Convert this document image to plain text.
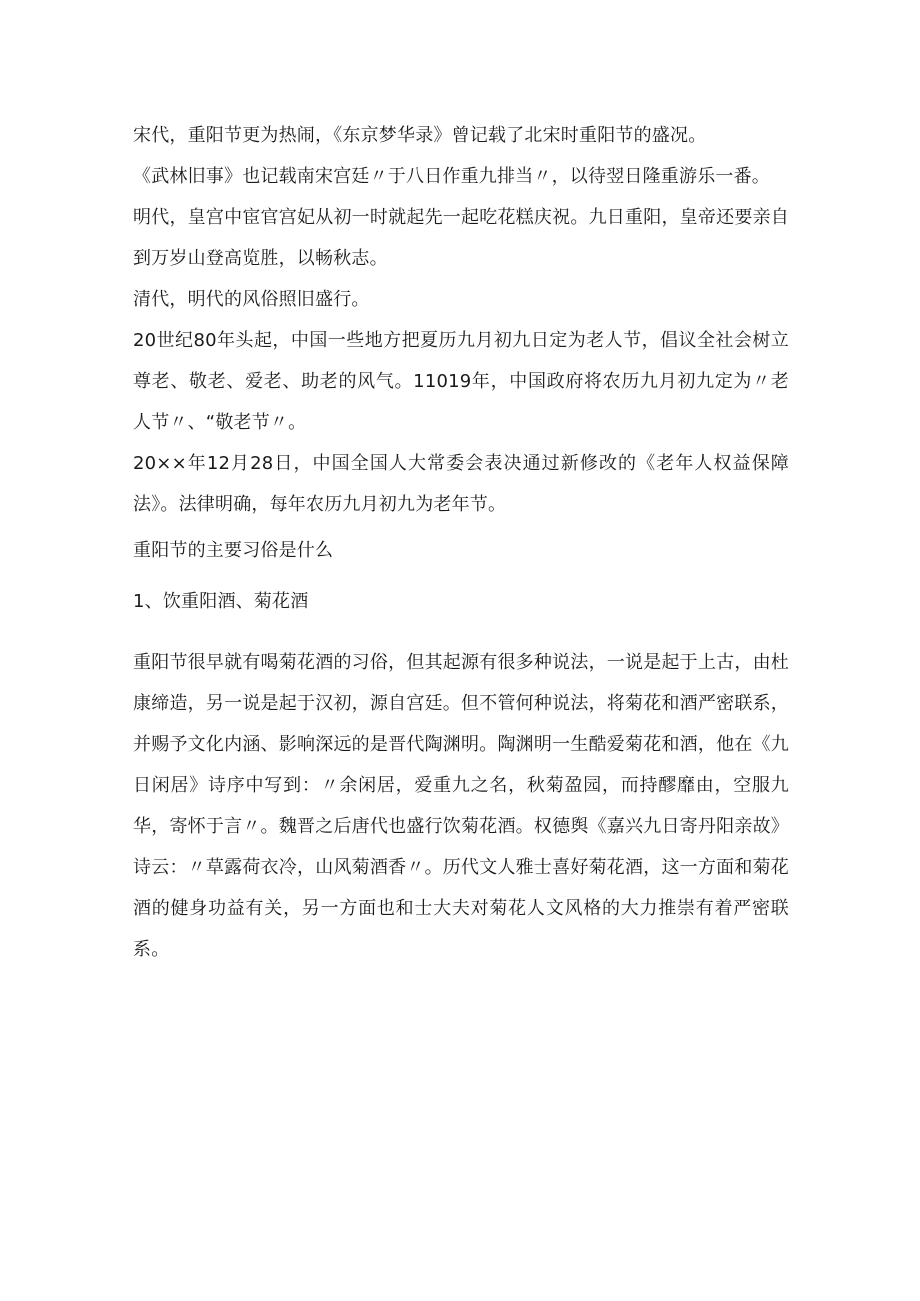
宋代，重阳节更为热闹，《东京梦华录》曾记载了北宋时重阳节的盛况。

《武林旧事》也记载南宋宫廷〃于八日作重九排当〃，以待翌日隆重游乐一番。

明代，皇宫中宦官宫妃从初一时就起先一起吃花糕庆祝。九日重阳，皇帝还要亲自到万岁山登高览胜，以畅秋志。

清代，明代的风俗照旧盛行。

20世纪80年头起，中国一些地方把夏历九月初九日定为老人节，倡议全社会树立尊老、敬老、爱老、助老的风气。11019年，中国政府将农历九月初九定为〃老人节〃、“敬老节〃。

20××年12月28日，中国全国人大常委会表决通过新修改的《老年人权益保障法》。法律明确，每年农历九月初九为老年节。

重阳节的主要习俗是什么

1、饮重阳酒、菊花酒

重阳节很早就有喝菊花酒的习俗，但其起源有很多种说法，一说是起于上古，由杜康缔造，另一说是起于汉初，源自宫廷。但不管何种说法，将菊花和酒严密联系，并赐予文化内涵、影响深远的是晋代陶渊明。陶渊明一生酷爱菊花和酒，他在《九日闲居》诗序中写到：〃余闲居，爱重九之名，秋菊盈园，而持醪靡由，空服九华，寄怀于言〃。魏晋之后唐代也盛行饮菊花酒。权德舆《嘉兴九日寄丹阳亲故》诗云：〃草露荷衣冷，山风菊酒香〃。历代文人雅士喜好菊花酒，这一方面和菊花酒的健身功益有关，另一方面也和士大夫对菊花人文风格的大力推崇有着严密联系。
